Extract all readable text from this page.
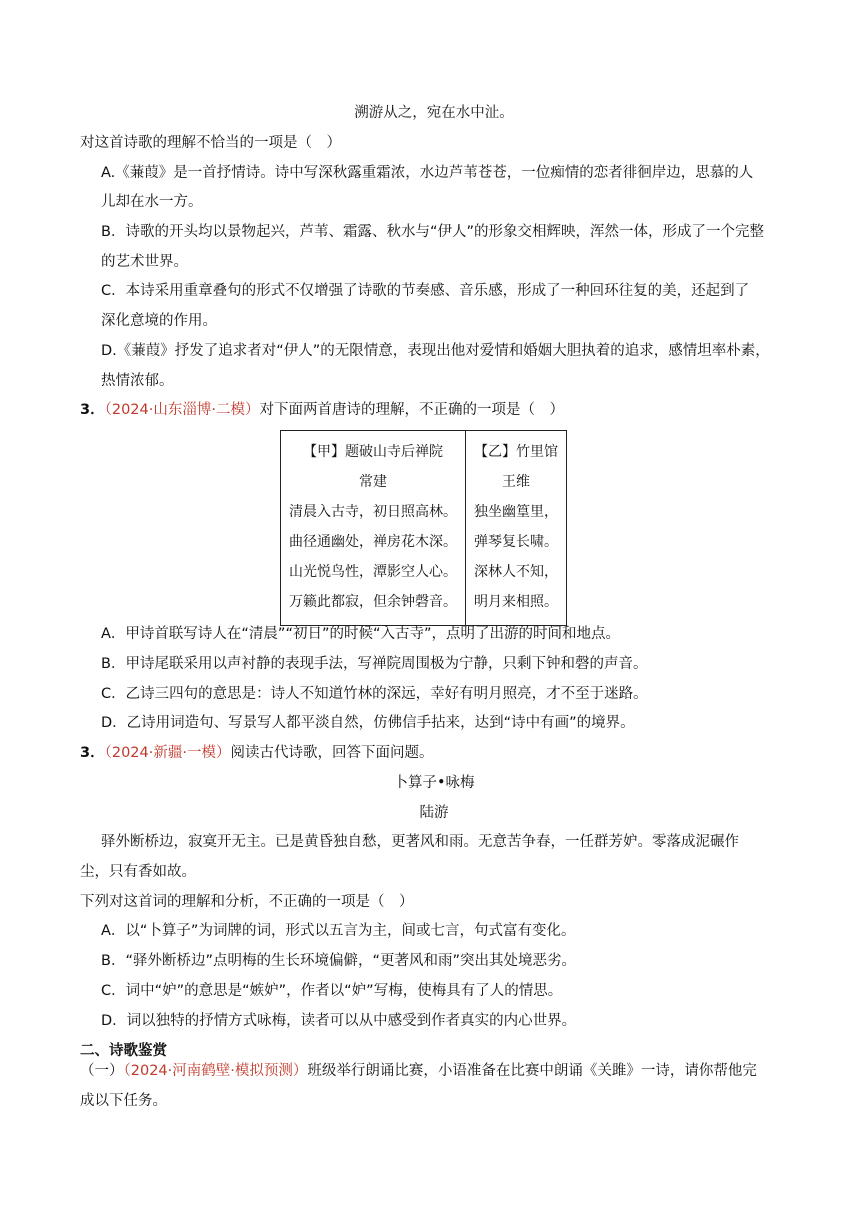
溯游从之，宛在水中沚。
对这首诗歌的理解不恰当的一项是（　）
A.《蒹葭》是一首抒情诗。诗中写深秋露重霜浓，水边芦苇苍苍，一位痴情的恋者徘徊岸边，思慕的人
儿却在水一方。
B．诗歌的开头均以景物起兴，芦苇、霜露、秋水与“伊人”的形象交相辉映，浑然一体，形成了一个完整
的艺术世界。
C．本诗采用重章叠句的形式不仅增强了诗歌的节奏感、音乐感，形成了一种回环往复的美，还起到了
深化意境的作用。
D.《蒹葭》抒发了追求者对“伊人”的无限情意，表现出他对爱情和婚姻大胆执着的追求，感情坦率朴素，
热情浓郁。
3．（2024·山东淄博·二模）对下面两首唐诗的理解，不正确的一项是（　）
【甲】题破山寺后禅院
常建
清晨入古寺，初日照高林。
曲径通幽处，禅房花木深。
山光悦鸟性，潭影空人心。
万籁此都寂，但余钟磬音。

【乙】竹里馆
王维
独坐幽篁里，
弹琴复长啸。
深林人不知，
明月来相照。
A．甲诗首联写诗人在“清晨”“初日”的时候“入古寺”，点明了出游的时间和地点。
B．甲诗尾联采用以声衬静的表现手法，写禅院周围极为宁静，只剩下钟和磬的声音。
C．乙诗三四句的意思是：诗人不知道竹林的深远，幸好有明月照亮，才不至于迷路。
D．乙诗用词造句、写景写人都平淡自然，仿佛信手拈来，达到“诗中有画”的境界。
3．（2024·新疆·一模）阅读古代诗歌，回答下面问题。
卜算子•咏梅
陆游
驿外断桥边，寂寞开无主。已是黄昏独自愁，更著风和雨。无意苦争春，一任群芳妒。零落成泥碾作
尘，只有香如故。
下列对这首词的理解和分析，不正确的一项是（　）
A．以“卜算子”为词牌的词，形式以五言为主，间或七言，句式富有变化。
B．“驿外断桥边”点明梅的生长环境偏僻，“更著风和雨”突出其处境恶劣。
C．词中“妒”的意思是“嫉妒”，作者以“妒”写梅，使梅具有了人的情思。
D．词以独特的抒情方式咏梅，读者可以从中感受到作者真实的内心世界。
二、诗歌鉴赏
（一）（2024·河南鹤壁·模拟预测）班级举行朗诵比赛，小语准备在比赛中朗诵《关雎》一诗，请你帮他完
成以下任务。
